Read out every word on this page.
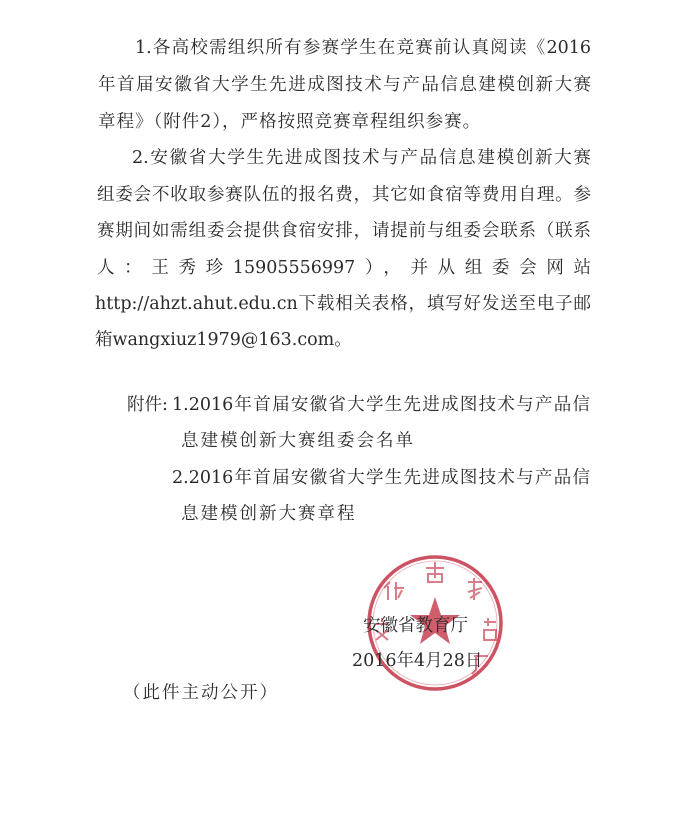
1.各高校需组织所有参赛学生在竞赛前认真阅读《2016
年首届安徽省大学生先进成图技术与产品信息建模创新大赛
章程》（附件2），严格按照竞赛章程组织参赛。
2.安徽省大学生先进成图技术与产品信息建模创新大赛
组委会不收取参赛队伍的报名费，其它如食宿等费用自理。参
赛期间如需组委会提供食宿安排，请提前与组委会联系（联系
人：王秀珍15905556997），并从组委会网站
http://ahzt.ahut.edu.cn下载相关表格，填写好发送至电子邮
箱wangxiuz1979@163.com。
附件: 1.2016年首届安徽省大学生先进成图技术与产品信
息建模创新大赛组委会名单
2.2016年首届安徽省大学生先进成图技术与产品信
息建模创新大赛章程
安徽省教育厅
2016年4月28日
（此件主动公开）
